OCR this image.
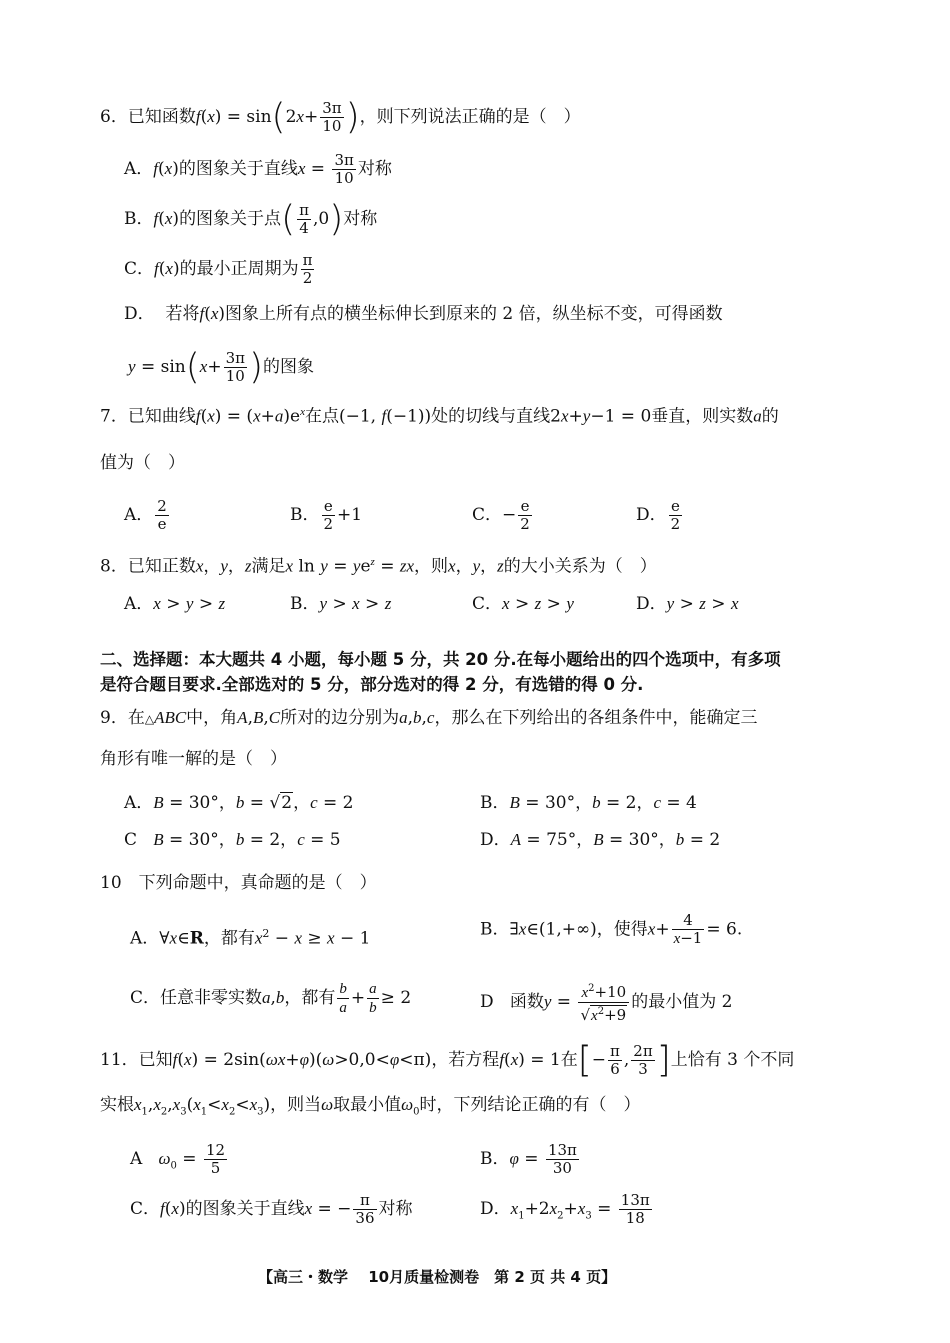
6．已知函数$f(x) = \sin(2x+ \frac{3\pi}{10}$ )，则下列说法正确的是（　）
A．f(x)的图象关于直线$x = \frac{3\pi}{10}$ 对称
B．f(x)的图象关于点( $\frac{\pi}{4} ,0$)对称
C．f(x)的最小正周期为 $\frac{\pi}{2}$
D． 若将f(x)图象上所有点的横坐标伸长到原来的 2 倍，纵坐标不变，可得函数
$y = \sin(x+ \frac{3\pi}{10}$ )的图象
7．已知曲线$f(x) = (x+a)e^x$在点(−1, f(−1))处的切线与直线2x+y−1 = 0垂直，则实数a的
值为（　）
A． $\frac{2}{e}$	B． $\frac{e}{2} +1$	C．− $\frac{e}{2}$	D． $\frac{e}{2}$
8．已知正数x，y，z满足x $\ln y = ye^z$ = zx，则x，y，z的大小关系为（　）
A．x > y > z	B．y > x > z	C．x > z > y	D．y > z > x
二、选择题：本大题共 4 小题，每小题 5 分，共 20 分.在每小题给出的四个选项中，有多项
是符合题目要求.全部选对的 5 分，部分选对的得 2 分，有选错的得 0 分.
9．在△ABC中，角A,B,C所对的边分别为a,b,c，那么在下列给出的各组条件中，能确定三
角形有唯一解的是（　）
A．B = 30°，b = √2，c = 2	B．B = 30°，b = 2，c = 4
C B = 30°，b = 2，c = 5	D．A = 75°，B = 30°，b = 2
10　下列命题中，真命题的是（　）
A．∀x∈R，都有$x^2 - x \ge x - 1$	B．∃x∈(1,+∞)，使得$x+ \frac{4}{x-1} = 6$.
C．任意非零实数a,b，都有 $\frac{b}{a} + \frac{a}{b} \ge 2$	D 函数$y = \frac{x^2+10}{√x^2+9}$ 的最小值为 2
11．已知f(x) = 2sin(ωx+φ)(ω>0,0<φ<π)，若方程f(x) = 1在[− $\frac{\pi}{6}$ , $\frac{2\pi}{3}$ ]上恰有 3 个不同
实根$x_1,x_2,x_3(x_1<x_2<x_3)$，则当ω取最小值$\omega_0$时，下列结论正确的有（　）
A $\omega_0 = \frac{12}{5}$	B．$\varphi = \frac{13\pi}{30}$
C．f(x)的图象关于直线x = − $\frac{\pi}{36}$ 对称	D．$x_1+2x_2+x_3 = \frac{13\pi}{18}$
【高三・数学　 10月质量检测卷　第 2 页 共 4 页】
